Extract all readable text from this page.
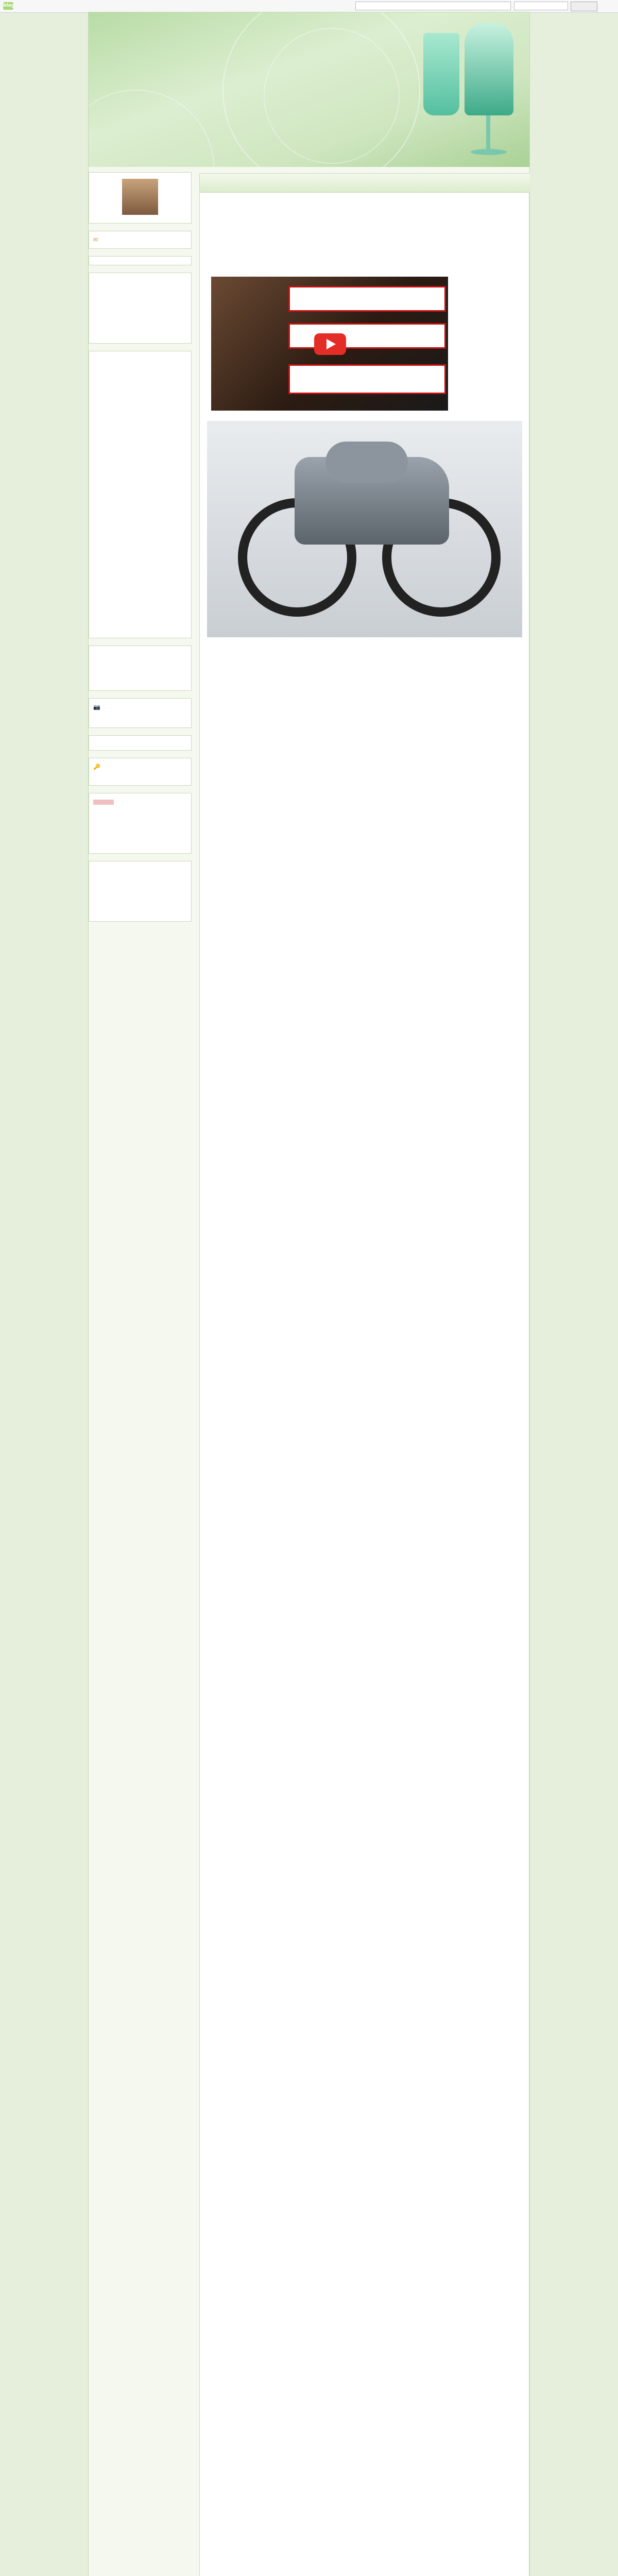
blog
✉
📷
🔑
